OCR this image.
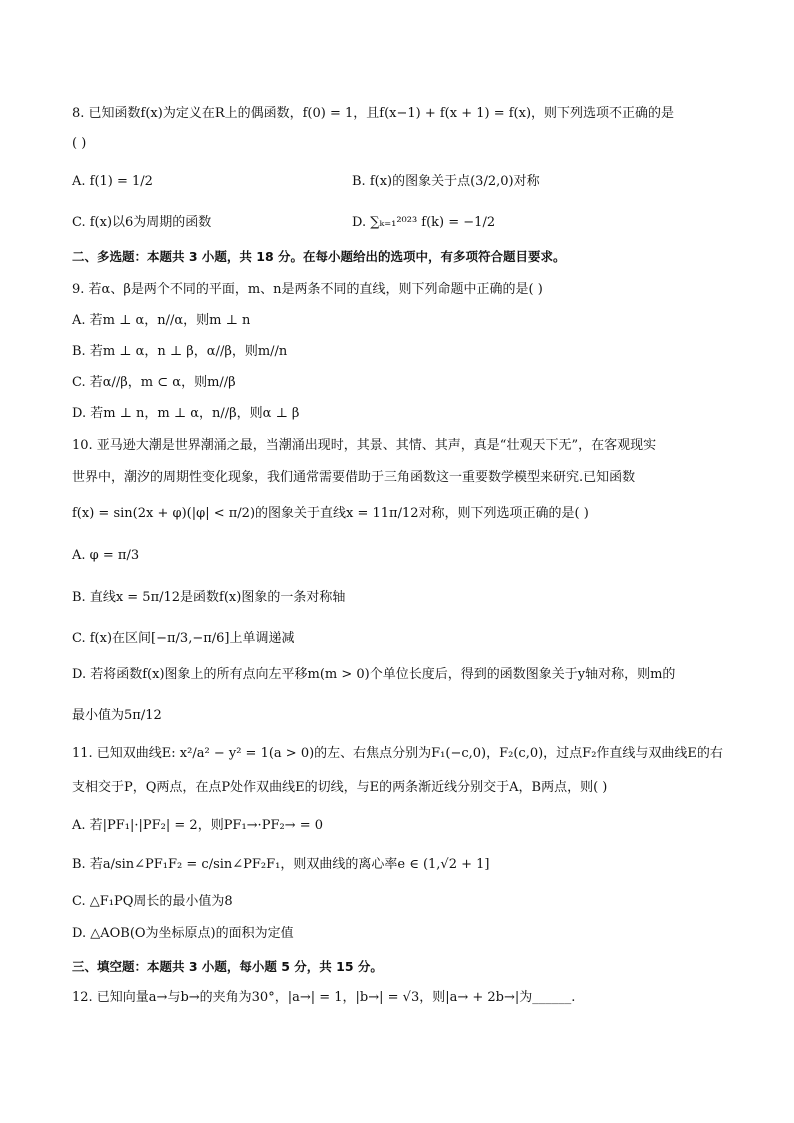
8. 已知函数f(x)为定义在R上的偶函数，f(0) = 1，且f(x−1) + f(x + 1) = f(x)，则下列选项不正确的是
( )
A. f(1) = 1/2	B. f(x)的图象关于点(3/2,0)对称
C. f(x)以6为周期的函数	D. ∑ₖ₌₁²⁰²³ f(k) = −1/2
二、多选题：本题共 3 小题，共 18 分。在每小题给出的选项中，有多项符合题目要求。
9. 若α、β是两个不同的平面，m、n是两条不同的直线，则下列命题中正确的是( )
A. 若m ⊥ α，n//α，则m ⊥ n
B. 若m ⊥ α，n ⊥ β，α//β，则m//n
C. 若α//β，m ⊂ α，则m//β
D. 若m ⊥ n，m ⊥ α，n//β，则α ⊥ β
10. 亚马逊大潮是世界潮涌之最，当潮涌出现时，其景、其情、其声，真是“壮观天下无”，在客观现实
世界中，潮汐的周期性变化现象，我们通常需要借助于三角函数这一重要数学模型来研究.已知函数
f(x) = sin(2x + φ)(|φ| < π/2)的图象关于直线x = 11π/12对称，则下列选项正确的是( )
A. φ = π/3
B. 直线x = 5π/12是函数f(x)图象的一条对称轴
C. f(x)在区间[−π/3,−π/6]上单调递减
D. 若将函数f(x)图象上的所有点向左平移m(m > 0)个单位长度后，得到的函数图象关于y轴对称，则m的
最小值为5π/12
11. 已知双曲线E: x²/a² − y² = 1(a > 0)的左、右焦点分别为F₁(−c,0)，F₂(c,0)，过点F₂作直线与双曲线E的右
支相交于P，Q两点，在点P处作双曲线E的切线，与E的两条渐近线分别交于A，B两点，则( )
A. 若|PF₁|·|PF₂| = 2，则PF₁→·PF₂→ = 0
B. 若a/sin∠PF₁F₂ = c/sin∠PF₂F₁，则双曲线的离心率e ∈ (1,√2 + 1]
C. △F₁PQ周长的最小值为8
D. △AOB(O为坐标原点)的面积为定值
三、填空题：本题共 3 小题，每小题 5 分，共 15 分。
12. 已知向量a→与b→的夹角为30°，|a→| = 1，|b→| = √3，则|a→ + 2b→|为______.
